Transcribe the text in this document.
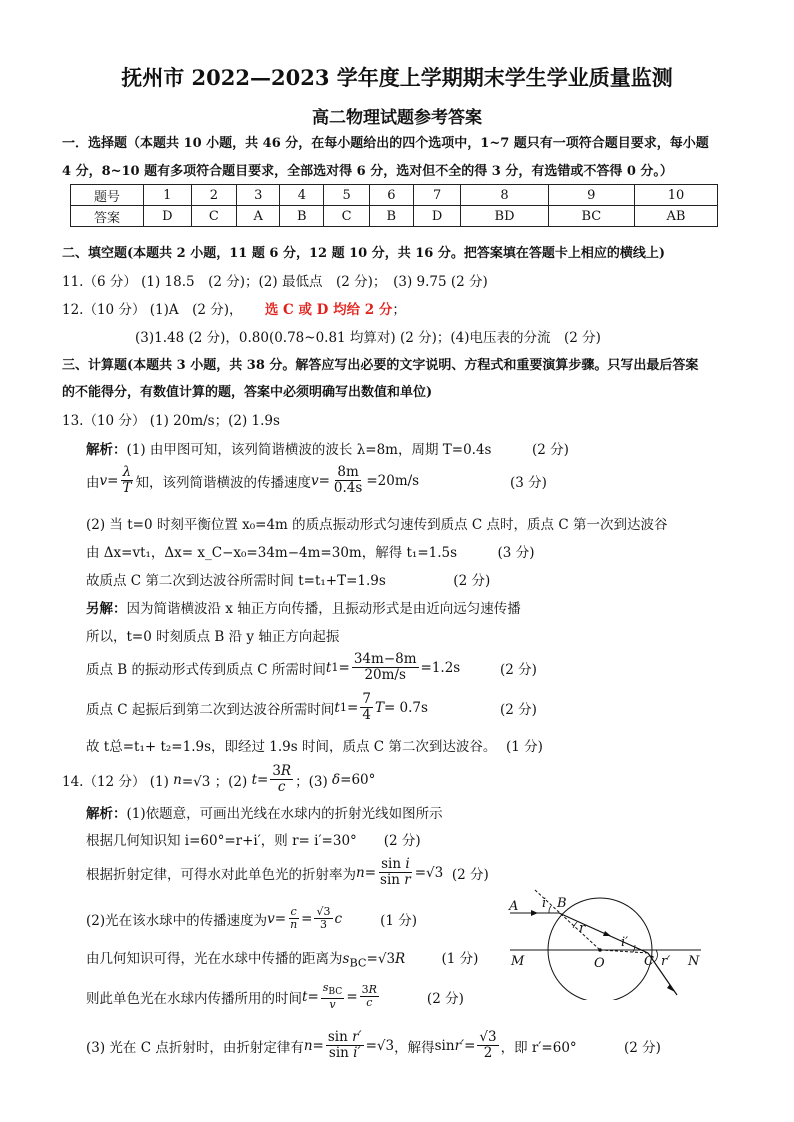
抚州市 2022—2023 学年度上学期期末学生学业质量监测
高二物理试题参考答案
一．选择题（本题共 10 小题，共 46 分，在每小题给出的四个选项中，1~7 题只有一项符合题目要求，每小题
4 分，8~10 题有多项符合题目要求，全部选对得 6 分，选对但不全的得 3 分，有选错或不答得 0 分。）
题号	1	2	3	4	5	6	7	8	9	10
答案	D	C	A	B	C	B	D	BD	BC	AB
二、填空题(本题共 2 小题，11 题 6 分，12 题 10 分，共 16 分。把答案填在答题卡上相应的横线上)
11.（6 分） (1) 18.5　(2 分)；(2) 最低点　(2 分)；　(3) 9.75 (2 分)
12.（10 分） (1)A　(2 分)， 选 C 或 D 均给 2 分；
(3)1.48 (2 分)，0.80(0.78~0.81 均算对) (2 分)；(4)电压表的分流　(2 分)
三、计算题(本题共 3 小题，共 38 分。解答应写出必要的文字说明、方程式和重要演算步骤。只写出最后答案
的不能得分，有数值计算的题，答案中必须明确写出数值和单位)
13.（10 分） (1) 20m/s；(2) 1.9s
解析：(1) 由甲图可知，该列简谐横波的波长 λ=8m，周期 T=0.4s　　　(2 分)
由 $v = \frac{\lambda}{T}$ 知，该列简谐横波的传播速度 $v = \frac{8m}{0.4s} =20m/s$	(3 分)
(2) 当 t=0 时刻平衡位置 x₀=4m 的质点振动形式匀速传到质点 C 点时，质点 C 第一次到达波谷
由 Δx=vt₁，Δx= x_C−x₀=34m−4m=30m，解得 t₁=1.5s　　　(3 分)
故质点 C 第二次到达波谷所需时间 t=t₁+T=1.9s　　　　　(2 分)
另解：因为简谐横波沿 x 轴正方向传播，且振动形式是由近向远匀速传播
所以，t=0 时刻质点 B 沿 y 轴正方向起振
质点 B 的振动形式传到质点 C 所需时间 t $1 = \frac{34m-8m}{20m/s} =1.2s$	(2 分)
质点 C 起振后到第二次到达波谷所需时间 t $1 = \frac{7}{4}$ T = 0.7s	(2 分)
故 t总=t₁+ t₂=1.9s，即经过 1.9s 时间，质点 C 第二次到达波谷。 (1 分)
14.（12 分） (1)
n =√3 ；(2) $t = \frac{3R}{c}$ ；(3) δ =60°
解析：(1)依题意，可画出光线在水球内的折射光线如图所示
根据几何知识知 i=60°=r+i′，则 r= i′=30°　　(2 分)
根据折射定律，可得水对此单色光的折射率为 $n = \frac{\text{sin i}}{\text{sin r}} =√3$ (2 分)
(2)光在该水球中的传播速度为 $v = \frac{c}{n} = \frac{√3}{3}$ c	(1 分)
由几何知识可得，光在水球中传播的距离为$s_{BC}=√3R$	(1 分)
则此单色光在水球内传播所用的时间 $t = \frac{s_{BC}}{v} = \frac{3R}{c}$	(2 分)
(3) 光在 C 点折射时，由折射定律有 $n = \frac{\text{sin r′}}{\text{sin i′}} =√3$ ，解得 $\sin r' = \frac{√3}{2}$ ，即 r′=60°	(2 分)
A i B
r
i′
C r′
M	O	N
